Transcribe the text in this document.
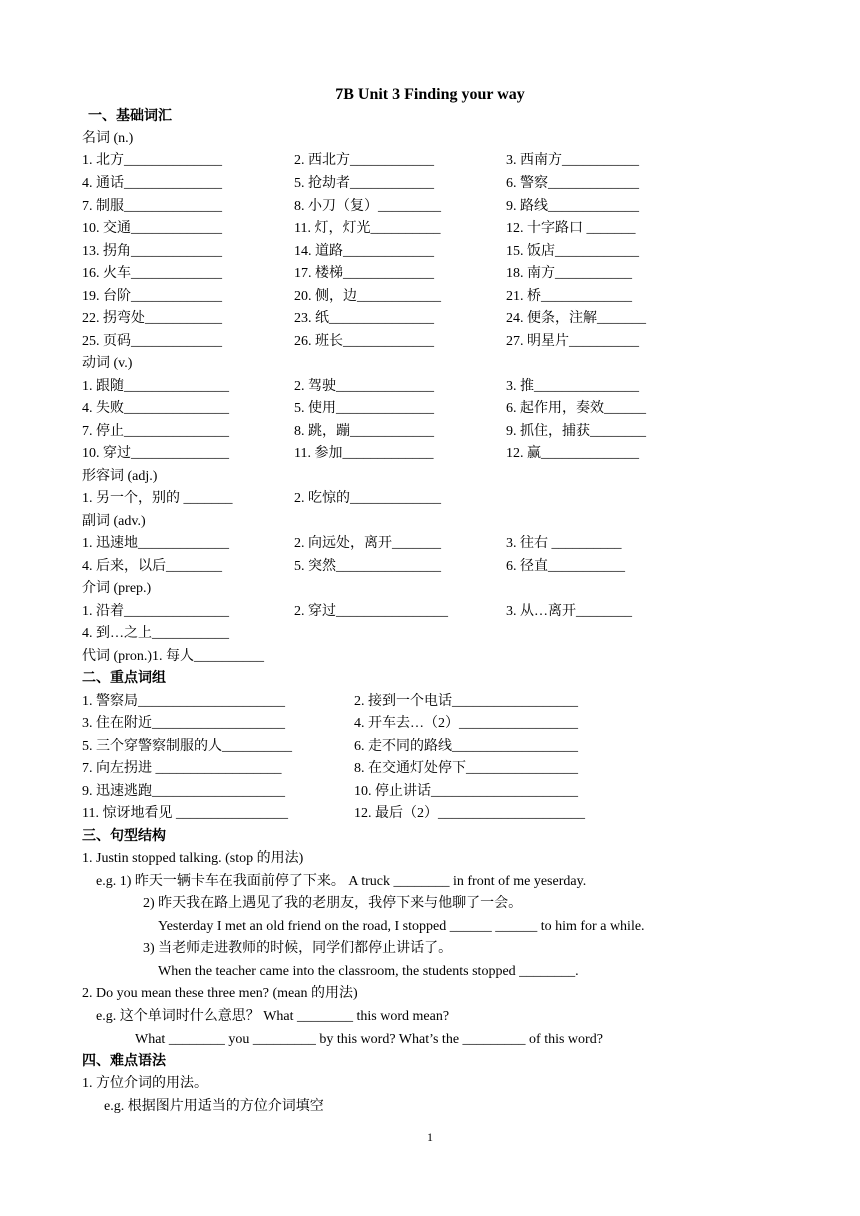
7B Unit 3 Finding your way
一、基础词汇
名词 (n.)
1. 北方______________	2. 西北方____________	3. 西南方___________
4. 通话______________	5. 抢劫者____________	6. 警察_____________
7. 制服______________	8. 小刀（复）_________	9. 路线_____________
10. 交通_____________	11. 灯，灯光__________	12. 十字路口 _______
13. 拐角_____________	14. 道路_____________	15. 饭店____________
16. 火车_____________	17. 楼梯_____________	18. 南方___________
19. 台阶_____________	20. 侧，边____________	21. 桥_____________
22. 拐弯处___________	23. 纸_______________	24. 便条，注解_______
25. 页码_____________	26. 班长_____________	27. 明星片__________
动词 (v.)
1. 跟随_______________	2. 驾驶______________	3. 推_______________
4. 失败_______________	5. 使用______________	6. 起作用，奏效______
7. 停止_______________	8. 跳，蹦____________	9. 抓住，捕获________
10. 穿过______________	11. 参加_____________	12. 赢______________
形容词 (adj.)
1. 另一个，别的 _______	2. 吃惊的_____________
副词 (adv.)
1. 迅速地_____________	2. 向远处，离开_______	3. 往右 __________
4. 后来，以后________	5. 突然_______________	6. 径直___________
介词 (prep.)
1. 沿着_______________	2. 穿过________________	3. 从…离开________
4. 到…之上___________
代词 (pron.)1. 每人__________
二、重点词组
1. 警察局_____________________	2. 接到一个电话__________________
3. 住在附近___________________	4. 开车去…（2）_________________
5. 三个穿警察制服的人__________	6. 走不同的路线__________________
7. 向左拐进 __________________	8. 在交通灯处停下________________
9. 迅速逃跑___________________	10. 停止讲话_____________________
11. 惊讶地看见 ________________	12. 最后（2）_____________________
三、句型结构
1. Justin stopped talking. (stop 的用法)
e.g. 1) 昨天一辆卡车在我面前停了下来。 A truck ________ in front of me yeserday.
2) 昨天我在路上遇见了我的老朋友，我停下来与他聊了一会。
Yesterday I met an old friend on the road, I stopped ______ ______ to him for a while.
3) 当老师走进教师的时候，同学们都停止讲话了。
When the teacher came into the classroom, the students stopped ________.
2. Do you mean these three men? (mean 的用法)
e.g. 这个单词时什么意思？ What ________ this word mean?
What ________ you _________ by this word? What’s the _________ of this word?
四、难点语法
1. 方位介词的用法。
e.g. 根据图片用适当的方位介词填空
1
